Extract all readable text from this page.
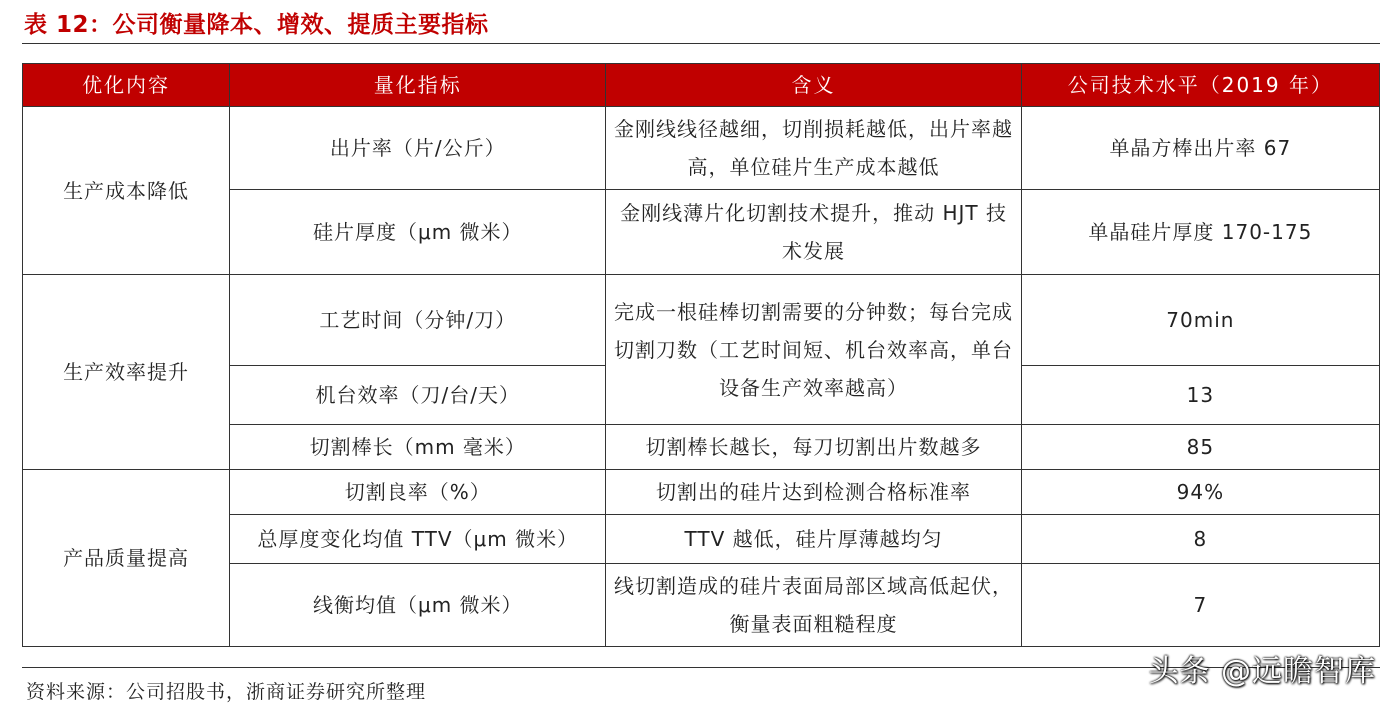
表 12：公司衡量降本、增效、提质主要指标
优化内容	量化指标	含义	公司技术水平（2019 年）
生产成本降低	出片率（片/公斤）	金刚线线径越细，切削损耗越低，出片率越高，单位硅片生产成本越低	单晶方棒出片率 67
	硅片厚度（μm 微米）	金刚线薄片化切割技术提升，推动 HJT 技术发展	单晶硅片厚度 170-175
生产效率提升	工艺时间（分钟/刀）	完成一根硅棒切割需要的分钟数；每台完成切割刀数（工艺时间短、机台效率高，单台设备生产效率越高）	70min
	机台效率（刀/台/天）		13
	切割棒长（mm 毫米）	切割棒长越长，每刀切割出片数越多	85
产品质量提高	切割良率（%）	切割出的硅片达到检测合格标准率	94%
	总厚度变化均值 TTV（μm 微米）	TTV 越低，硅片厚薄越均匀	8
	线衡均值（μm 微米）	线切割造成的硅片表面局部区域高低起伏，衡量表面粗糙程度	7
资料来源：公司招股书，浙商证券研究所整理
头条 @远瞻智库
